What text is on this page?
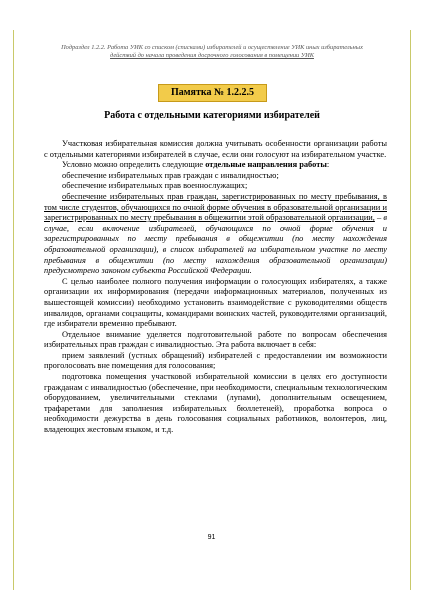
Подраздел 1.2.2. Работа УИК со списком (списками) избирателей и осуществление УИК иных избирательных
действий до начала проведения досрочного голосования в помещении УИК
Памятка № 1.2.2.5
Работа с отдельными категориями избирателей

Участковая избирательная комиссия должна учитывать особенности организации работы с отдельными категориями избирателей в случае, если они голосуют на избирательном участке.

Условно можно определить следующие отдельные направления работы:

обеспечение избирательных прав граждан с инвалидностью;

обеспечение избирательных прав военнослужащих;

обеспечение избирательных прав граждан, зарегистрированных по месту пребывания, в том числе студентов, обучающихся по очной форме обучения в образовательной организации и зарегистрированных по месту пребывания в общежитии этой образовательной организации, – в случае, если включение избирателей, обучающихся по очной форме обучения и зарегистрированных по месту пребывания в общежитии (по месту нахождения образовательной организации), в список избирателей на избирательном участке по месту пребывания в общежитии (по месту нахождения образовательной организации) предусмотрено законом субъекта Российской Федерации.

С целью наиболее полного получения информации о голосующих избирателях, а также организации их информирования (передачи информационных материалов, полученных из вышестоящей комиссии) необходимо установить взаимодействие с руководителями обществ инвалидов, органами соцзащиты, командирами воинских частей, руководителями организаций, где избиратели временно пребывают.

Отдельное внимание уделяется подготовительной работе по вопросам обеспечения избирательных прав граждан с инвалидностью. Эта работа включает в себя:

прием заявлений (устных обращений) избирателей с предоставлении им возможности проголосовать вне помещения для голосования;

подготовка помещения участковой избирательной комиссии в целях его доступности гражданам с инвалидностью (обеспечение, при необходимости, специальным технологическим оборудованием, увеличительными стеклами (лупами), дополнительным освещением, трафаретами для заполнения избирательных бюллетеней), проработка вопроса о необходимости дежурства в день голосования социальных работников, волонтеров, лиц, владеющих жестовым языком, и т.д.

91
